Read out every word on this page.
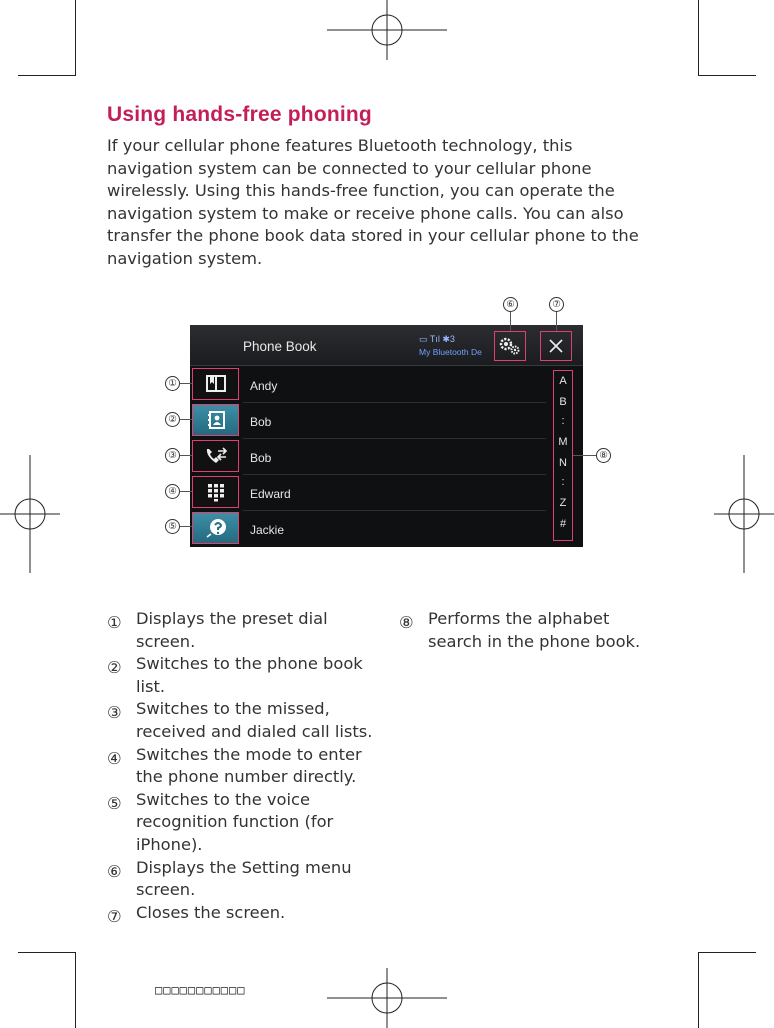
Using hands-free phoning
If your cellular phone features Bluetooth technology, this
navigation system can be connected to your cellular phone
wirelessly. Using this hands-free function, you can operate the
navigation system to make or receive phone calls. You can also
transfer the phone book data stored in your cellular phone to the
navigation system.
Phone Book	▭ Tıl ✱3
My Bluetooth De
Andy
Bob
Bob
Edward
Jackie
A
B
:
M
N
:
Z
#
①
②
③
④
⑤
⑥	⑦
⑧
① Displays the preset dial screen.
② Switches to the phone book list.
③ Switches to the missed, received and dialed call lists.
④ Switches the mode to enter the phone number directly.
⑤ Switches to the voice recognition function (for iPhone).
⑥ Displays the Setting menu screen.
⑦ Closes the screen.
⑧ Performs the alphabet search in the phone book.
□□□□□□□□□□□
